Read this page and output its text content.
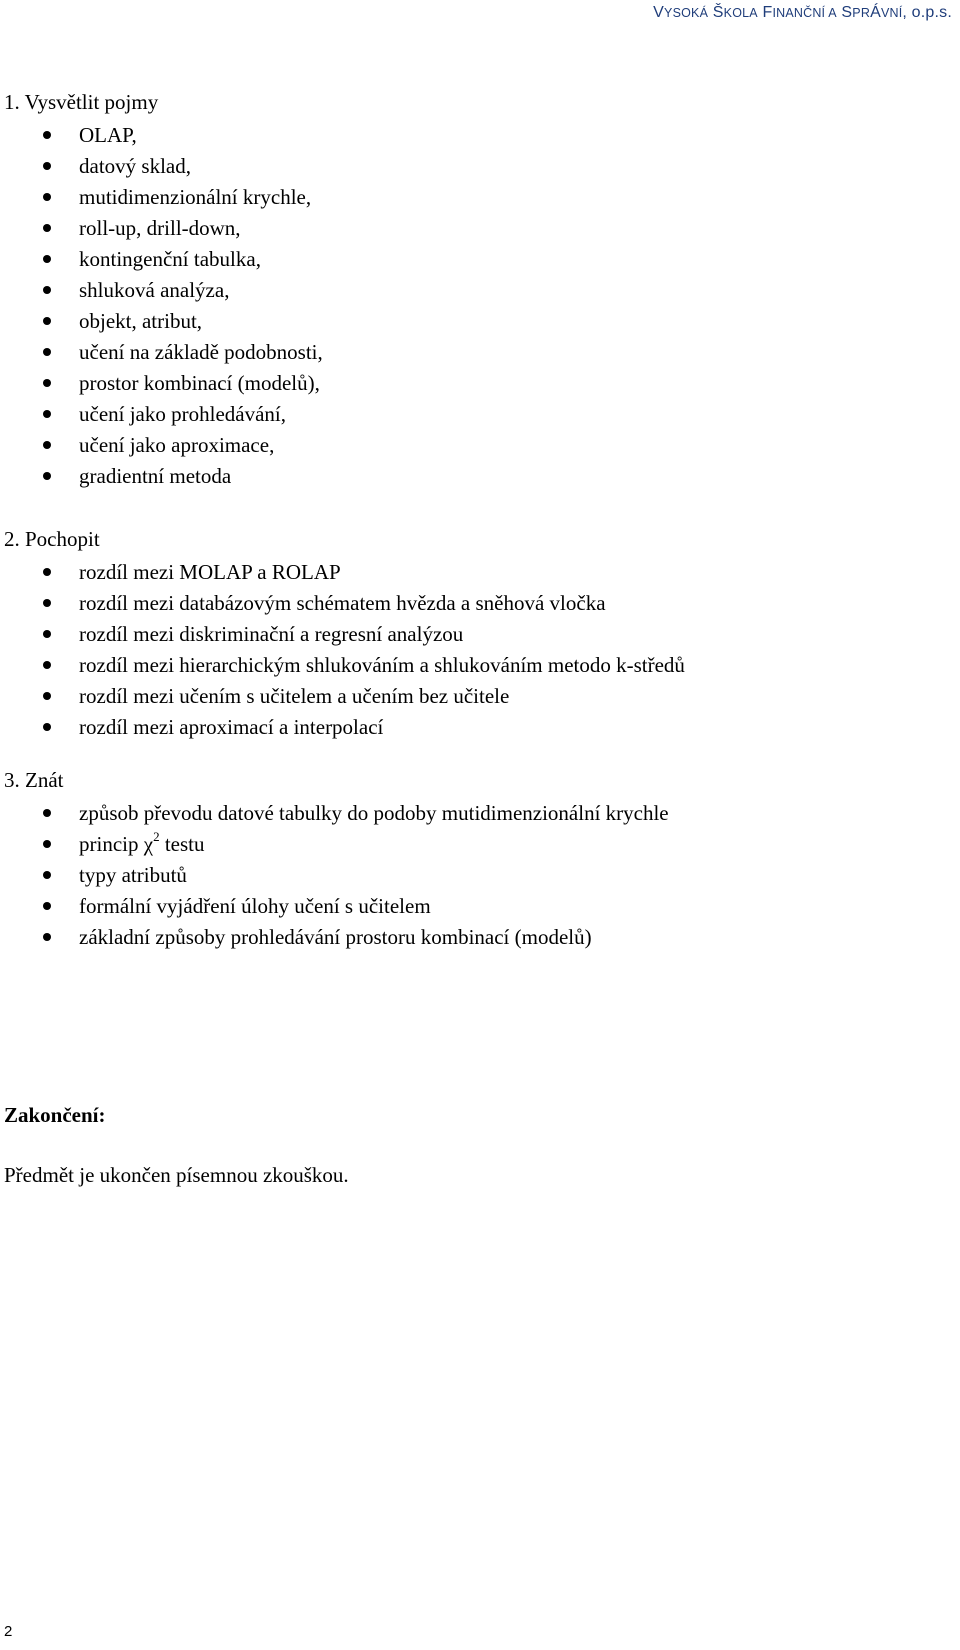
VYSOKÁ ŠKOLA FINANČNÍ A SPRÁVNÍ, o.p.s.
1. Vysvětlit pojmy
OLAP,
datový sklad,
mutidimenzionální krychle,
roll-up, drill-down,
kontingenční tabulka,
shluková analýza,
objekt, atribut,
učení na základě podobnosti,
prostor kombinací (modelů),
učení jako prohledávání,
učení jako aproximace,
gradientní metoda
2. Pochopit
rozdíl mezi MOLAP a ROLAP
rozdíl mezi databázovým schématem hvězda a sněhová vločka
rozdíl mezi diskriminační a regresní analýzou
rozdíl mezi hierarchickým shlukováním a shlukováním metodo k-středů
rozdíl mezi učením s učitelem a učením bez učitele
rozdíl mezi aproximací a interpolací
3. Znát
způsob převodu datové tabulky do podoby mutidimenzionální krychle
princip $\chi^2$ testu
typy atributů
formální vyjádření úlohy učení s učitelem
základní způsoby prohledávání prostoru kombinací (modelů)
Zakončení:
Předmět je ukončen písemnou zkouškou.
2
